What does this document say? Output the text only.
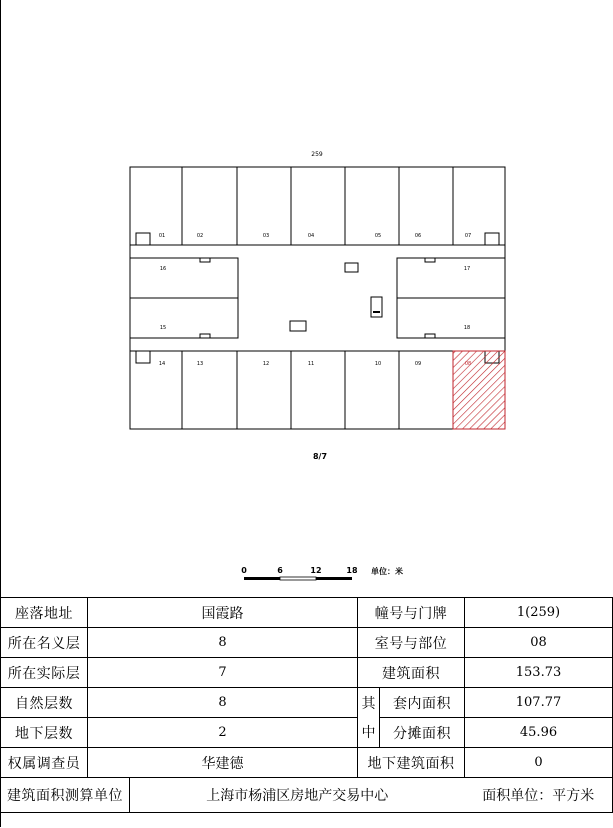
259
01	02	03	04	05	06	07
14	13	12	11	10	09	08
16
15
17
18
8/7
0	6	12	18 单位：米
座落地址	国霞路		幢号与门牌		1(259)
所在名义层	8		室号与部位		08
所在实际层	7		建筑面积		153.73
自然层数	8		其	套内面积	107.77
地下层数	2		中	分摊面积	45.96
权属调查员	华建德		地下建筑面积		0
建筑面积测算单位		上海市杨浦区房地产交易中心			面积单位：平方米
